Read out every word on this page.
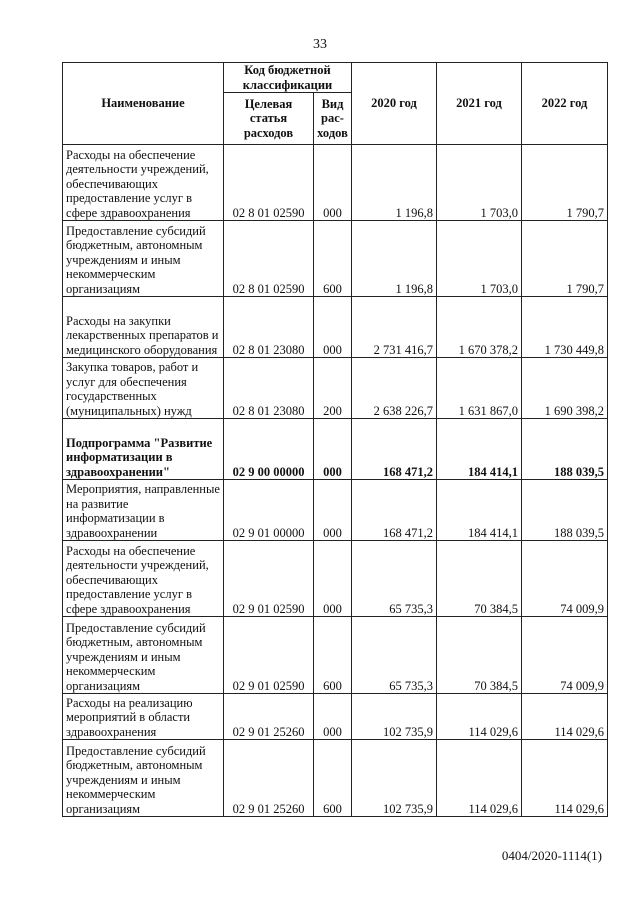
33
Наименование	Код бюджетной классификации		2020 год	2021 год	2022 год
	Целевая статья расходов	Вид рас-ходов			
Расходы на обеспечение деятельности учреждений, обеспечивающих предоставление услуг в сфере здравоохранения	02 8 01 02590	000	1 196,8	1 703,0	1 790,7
Предоставление субсидий бюджетным, автономным учреждениям и иным некоммерческим организациям	02 8 01 02590	600	1 196,8	1 703,0	1 790,7
Расходы на закупки лекарственных препаратов и медицинского оборудования	02 8 01 23080	000	2 731 416,7	1 670 378,2	1 730 449,8
Закупка товаров, работ и услуг для обеспечения государственных (муниципальных) нужд	02 8 01 23080	200	2 638 226,7	1 631 867,0	1 690 398,2
Подпрограмма "Развитие информатизации в здравоохранении"	02 9 00 00000	000	168 471,2	184 414,1	188 039,5
Мероприятия, направленные на развитие информатизации в здравоохранении	02 9 01 00000	000	168 471,2	184 414,1	188 039,5
Расходы на обеспечение деятельности учреждений, обеспечивающих предоставление услуг в сфере здравоохранения	02 9 01 02590	000	65 735,3	70 384,5	74 009,9
Предоставление субсидий бюджетным, автономным учреждениям и иным некоммерческим организациям	02 9 01 02590	600	65 735,3	70 384,5	74 009,9
Расходы на реализацию мероприятий в области здравоохранения	02 9 01 25260	000	102 735,9	114 029,6	114 029,6
Предоставление субсидий бюджетным, автономным учреждениям и иным некоммерческим организациям	02 9 01 25260	600	102 735,9	114 029,6	114 029,6
0404/2020-1114(1)
